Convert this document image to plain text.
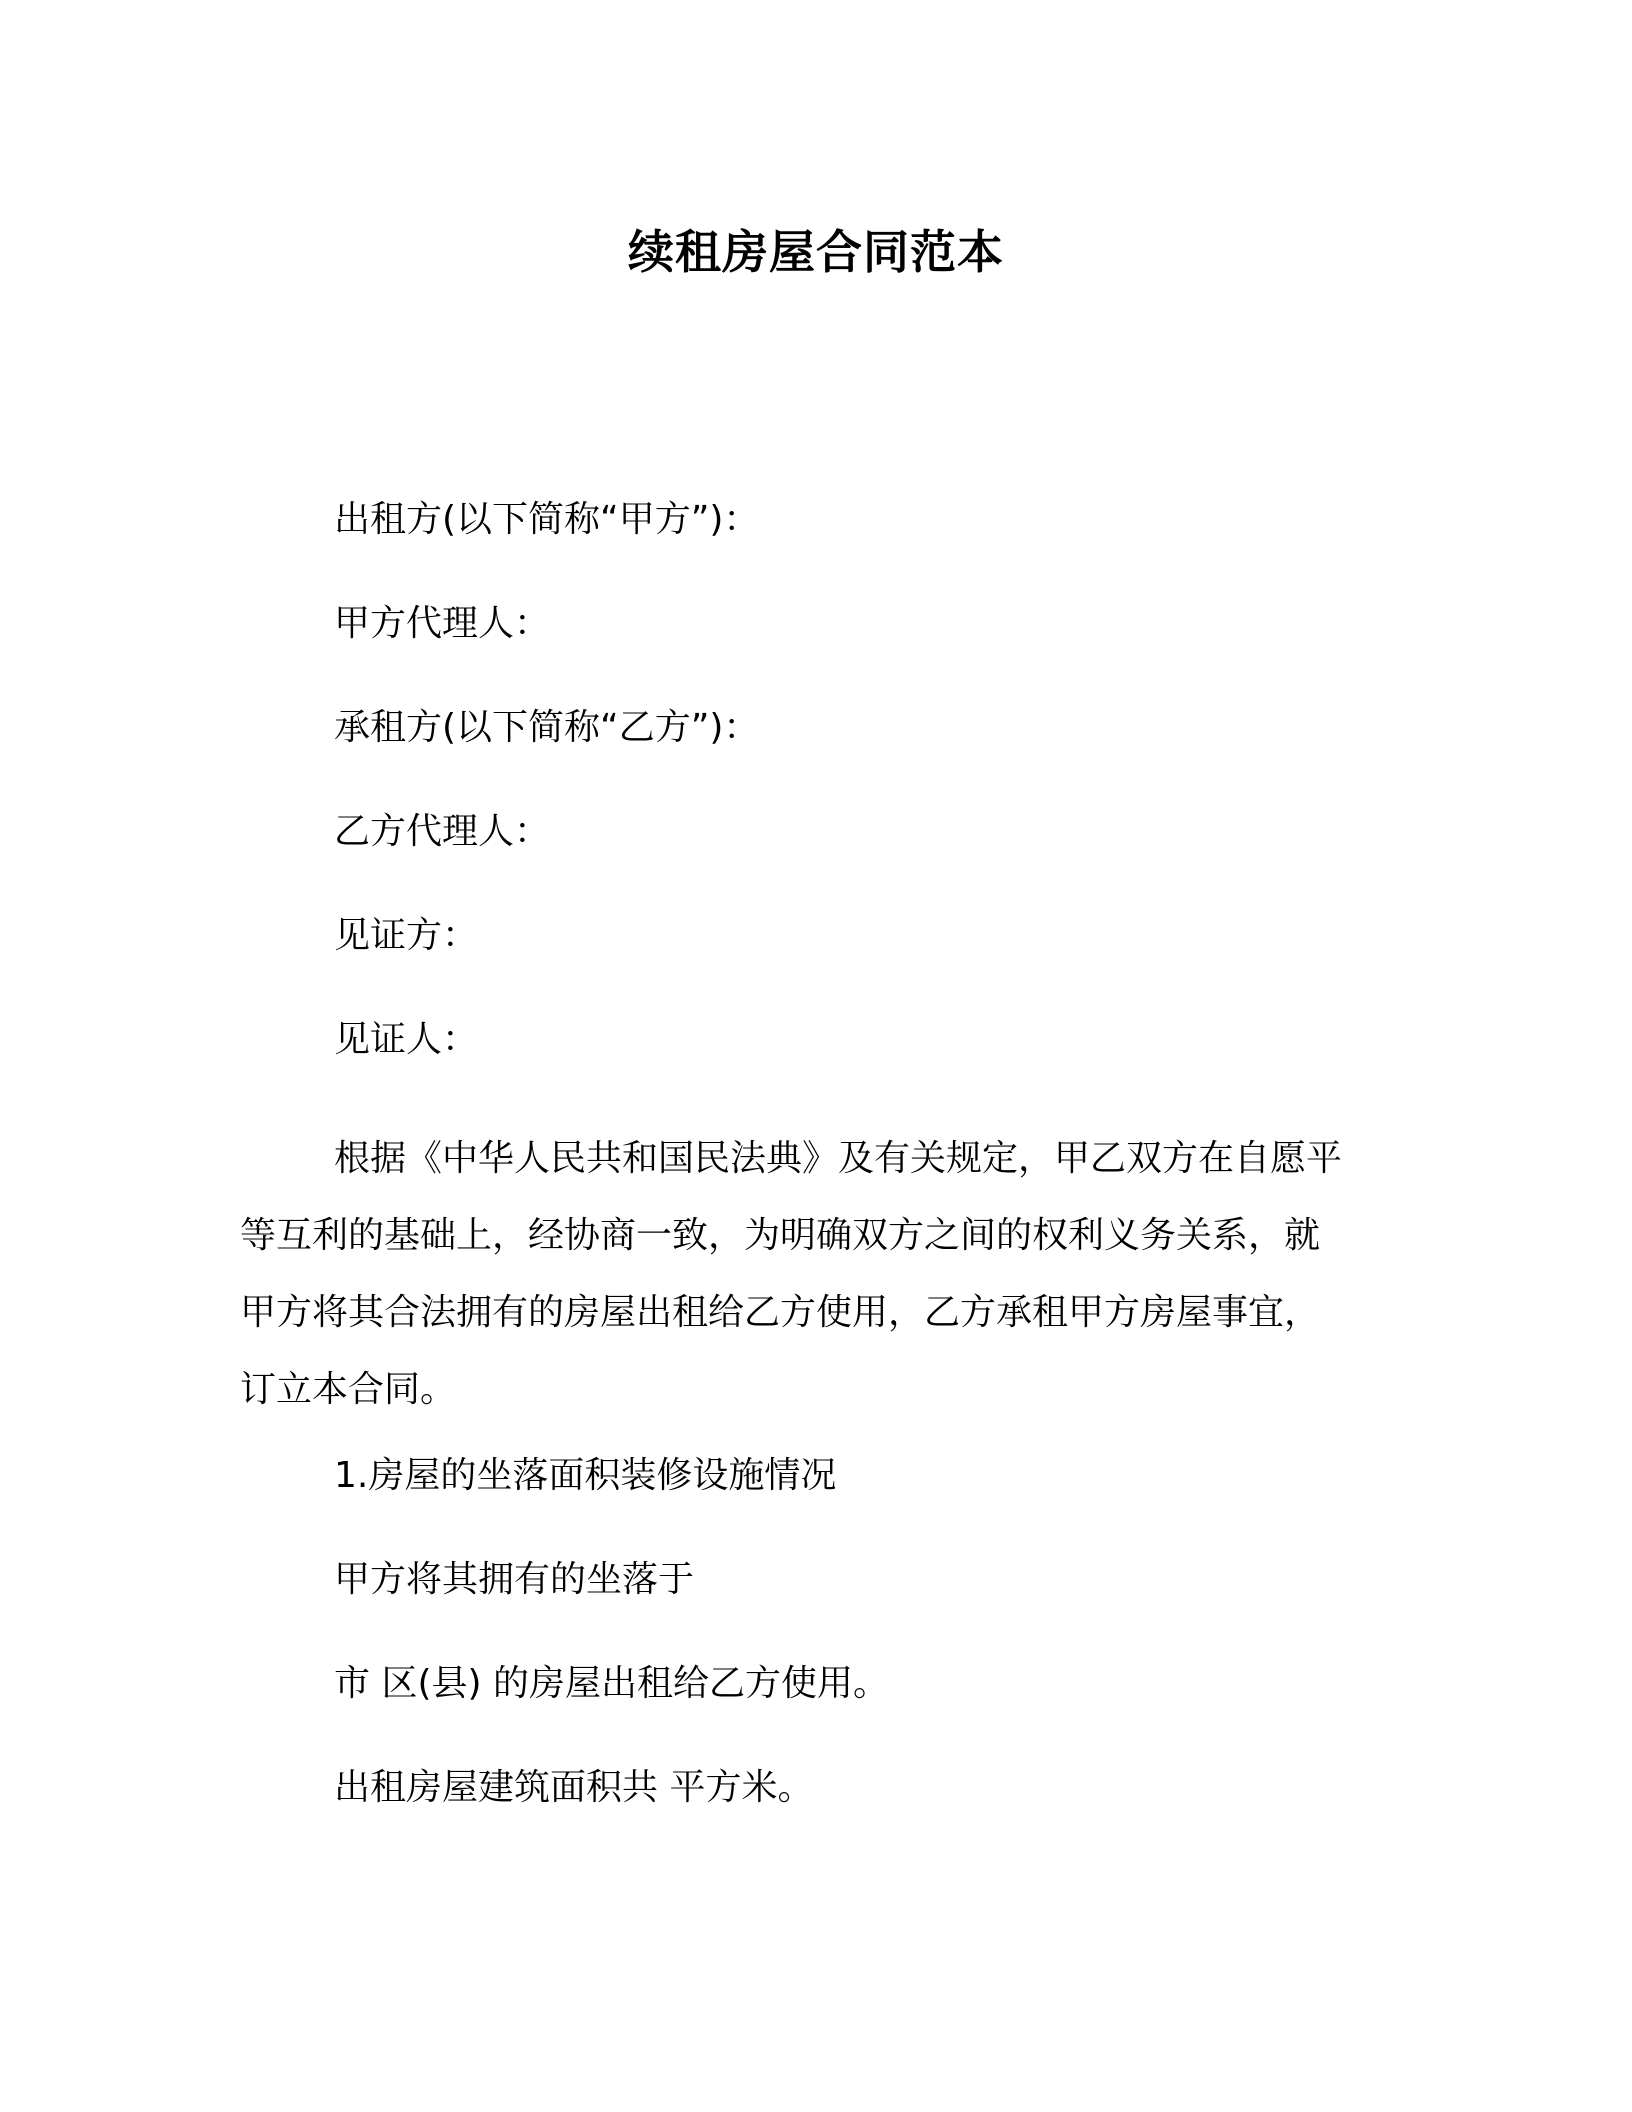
续租房屋合同范本
出租方(以下简称“甲方”)：
甲方代理人：
承租方(以下简称“乙方”)：
乙方代理人：
见证方：
见证人：
根据《中华人民共和国民法典》及有关规定，甲乙双方在自愿平
等互利的基础上，经协商一致，为明确双方之间的权利义务关系，就
甲方将其合法拥有的房屋出租给乙方使用，乙方承租甲方房屋事宜，
订立本合同。
1.房屋的坐落面积装修设施情况
甲方将其拥有的坐落于
市 区(县) 的房屋出租给乙方使用。
出租房屋建筑面积共 平方米。
